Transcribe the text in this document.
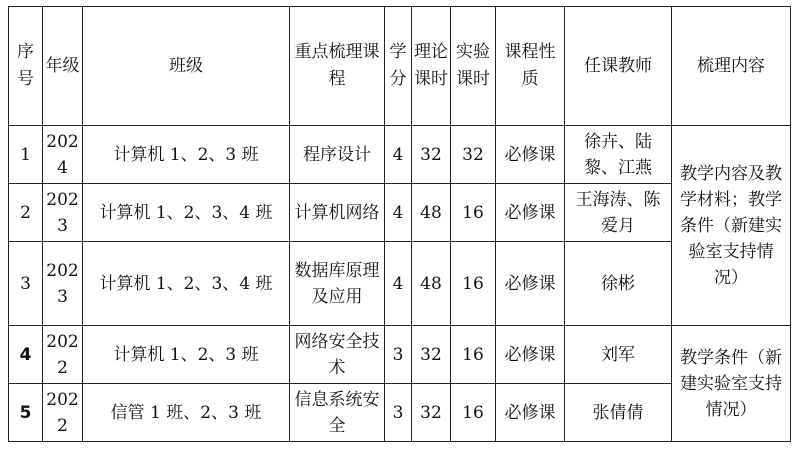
序号	年级	班级	重点梳理课程	学分	理论课时	实验课时	课程性质	任课教师	梳理内容
1	2024	计算机 1、2、3 班	程序设计	4	32	32	必修课	徐卉、陆黎、江燕	教学内容及教学材料；教学条件（新建实验室支持情况）
2	2023	计算机 1、2、3、4 班	计算机网络	4	48	16	必修课	王海涛、陈爱月	
3	2023	计算机 1、2、3、4 班	数据库原理及应用	4	48	16	必修课	徐彬	
4	2022	计算机 1、2、3 班	网络安全技术	3	32	16	必修课	刘军	教学条件（新建实验室支持情况）
5	2022	信管 1 班、2、3 班	信息系统安全	3	32	16	必修课	张倩倩	
